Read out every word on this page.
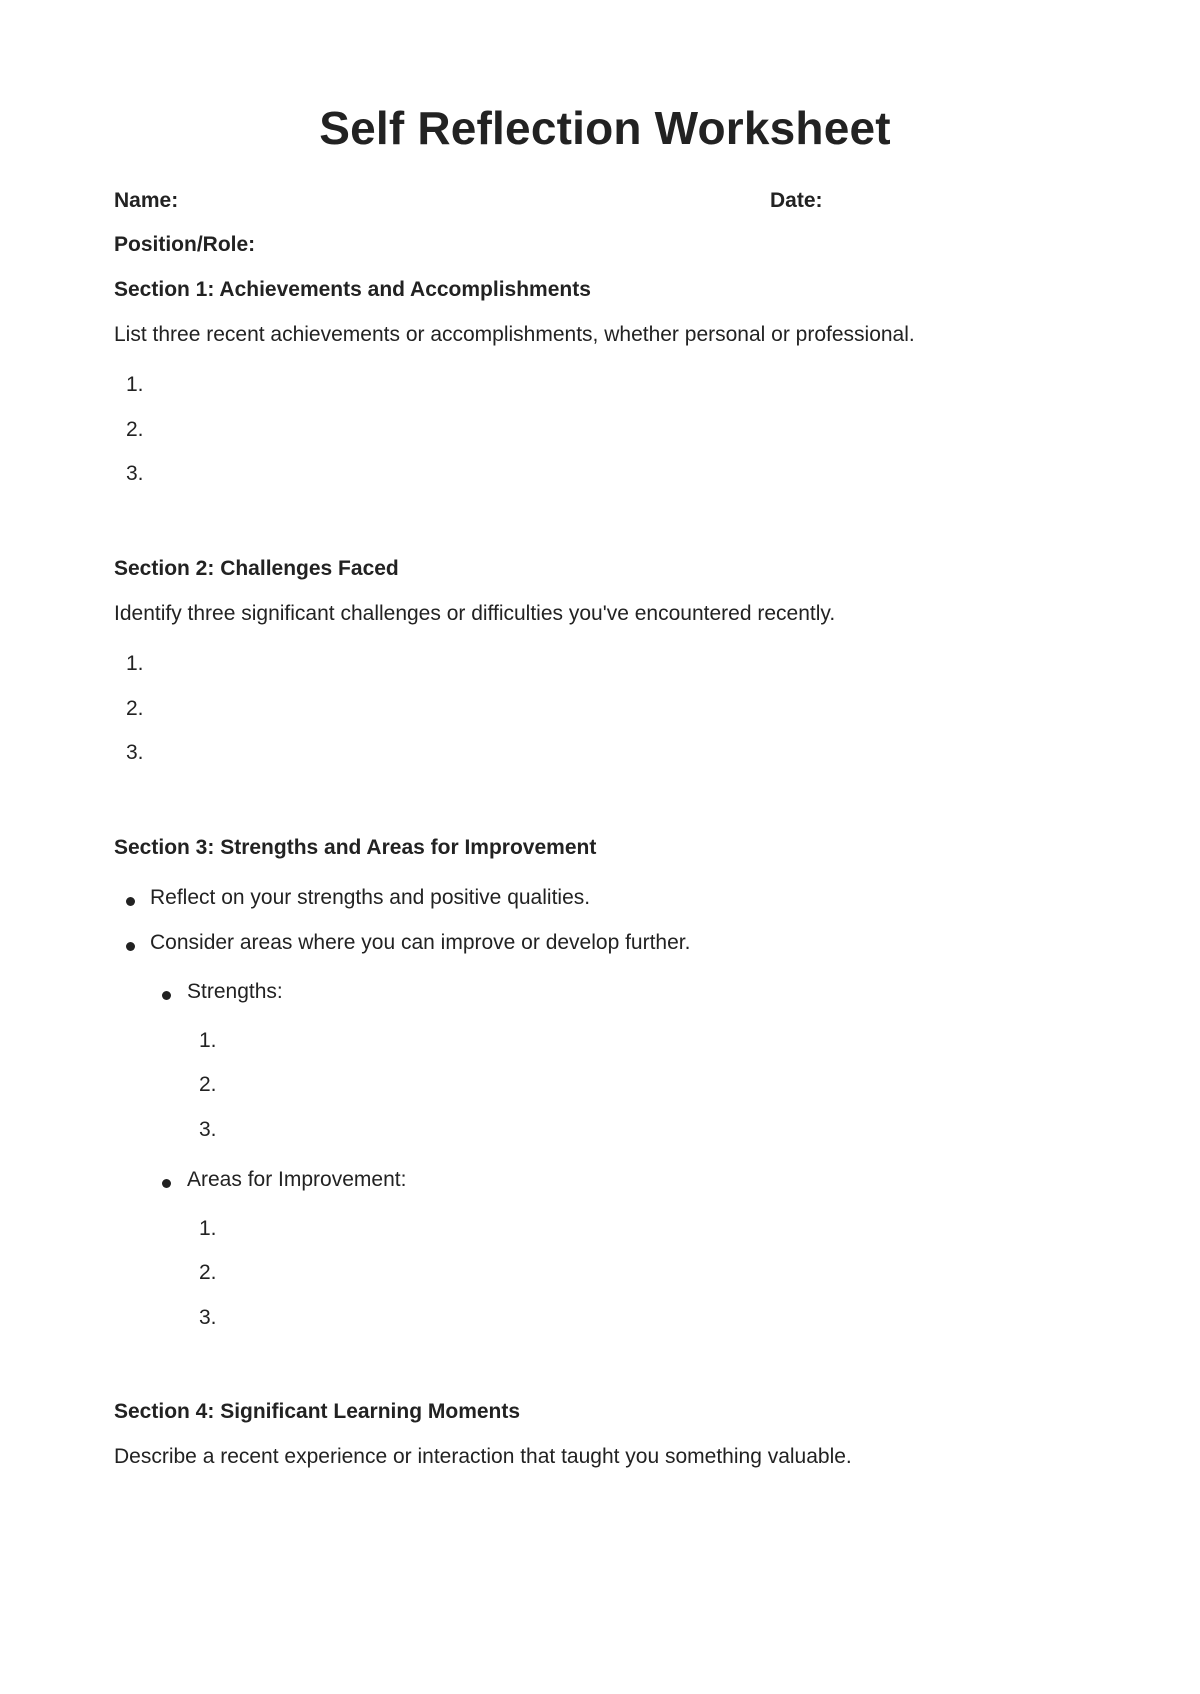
Self Reflection Worksheet

Name:	Date:

Position/Role:

Section 1: Achievements and Accomplishments

List three recent achievements or accomplishments, whether personal or professional.

1.

2.

3.

Section 2: Challenges Faced

Identify three significant challenges or difficulties you've encountered recently.

1.

2.

3.

Section 3: Strengths and Areas for Improvement

Reflect on your strengths and positive qualities.

Consider areas where you can improve or develop further.

Strengths:

1.

2.

3.

Areas for Improvement:

1.

2.

3.

Section 4: Significant Learning Moments

Describe a recent experience or interaction that taught you something valuable.
